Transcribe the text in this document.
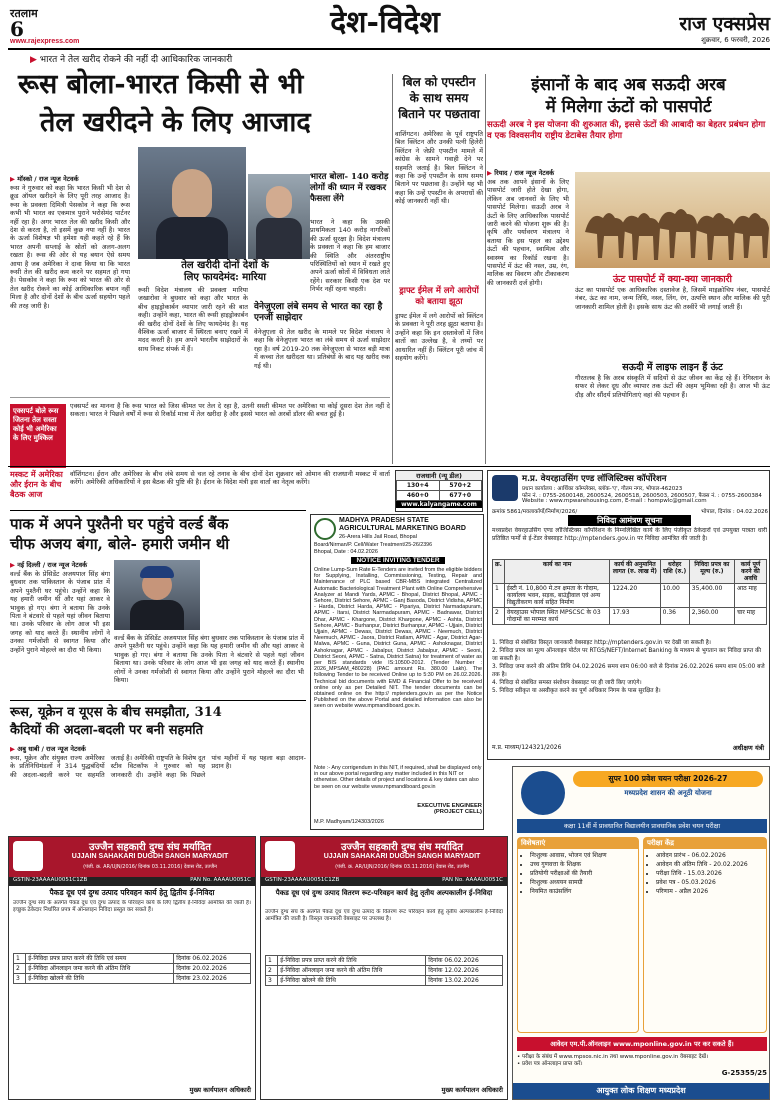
रतलाम
6
www.rajexpress.com
देश-विदेश	राज एक्सप्रेस
शुक्रवार, 6 फरवरी, 2026
▶ भारत ने तेल खरीद रोकने की नहीं दी आधिकारिक जानकारी
रूस बोला-भारत किसी से भी
तेल खरीदने के लिए आजाद
▶ मॉस्को / राज न्यूज नेटवर्क
रूस ने गुरुवार को कहा कि भारत किसी भी देश से क्रूड ऑयल खरीदने के लिए पूरी तरह आजाद है। रूस के प्रवक्ता दिमित्री पेसकोव ने कहा कि रूस कभी भी भारत का एकमात्र पुराने भरोसेमंद पार्टनर नहीं रहा है। अगर भारत तेल की खरीद किसी और देश से करता है, तो इसमें कुछ नया नहीं है। भारत के ऊर्जा विशेषज्ञ भी हमेशा यही कहते रहे हैं कि भारत अपनी सप्लाई के स्रोतों को अलग-अलग रखता है। रूस की ओर से यह बयान ऐसे समय आया है जब अमेरिका ने दावा किया था कि भारत रूसी तेल की खरीद कम करने पर सहमत हो गया है। पेसकोव ने कहा कि रूस को भारत की ओर से तेल खरीद रोकने का कोई आधिकारिक बयान नहीं मिला है और दोनों देशों के बीच ऊर्जा सहयोग पहले की तरह जारी है।
तेल खरीदी दोनों देशों के
लिए फायदेमंद: मारिया
रूसी विदेश मंत्रालय की प्रवक्ता मारिया जखारोवा ने बुधवार को कहा और भारत के बीच हाइड्रोकार्बन व्यापार जारी रहने की बात कही। उन्होंने कहा, भारत की रूसी हाइड्रोकार्बन की खरीद दोनों देशों के लिए फायदेमंद है। यह वैश्विक ऊर्जा बाजार में स्थिरता बनाए रखने में मदद करती है। हम अपने भारतीय साझेदारों के साथ निकट संपर्क में हैं।
भारत बोला- 140 करोड़ लोगों की ध्यान में रखकर फैसला लेंगे
भारत ने कहा कि उसकी प्राथमिकता 140 करोड़ नागरिकों की ऊर्जा सुरक्षा है। विदेश मंत्रालय के प्रवक्ता ने कहा कि हम बाजार की स्थिति और अंतरराष्ट्रीय परिस्थितियों को ध्यान में रखते हुए अपने ऊर्जा स्रोतों में विविधता लाते रहेंगे। सरकार किसी एक देश पर निर्भर नहीं रहना चाहती।
वेनेजुएला लंबे समय से भारत का रहा है एनर्जी साझेदार
वेनेजुएला से तेल खरीद के मामले पर विदेश मंत्रालय ने कहा कि वेनेजुएला भारत का लंबे समय से ऊर्जा साझेदार रहा है। वर्ष 2019-20 तक वेनेजुएला से भारत बड़ी मात्रा में कच्चा तेल खरीदता था। प्रतिबंधों के बाद यह खरीद रुक गई थी।
एक्सपर्ट बोले रूस जितना तेल सस्ता कोई भी अमेरिका के लिए मुश्किल
एक्सपर्ट का मानना है कि रूस भारत को जिस कीमत पर तेल दे रहा है, उतनी सस्ती कीमत पर अमेरिका या कोई दूसरा देश तेल नहीं दे सकता। भारत ने पिछले वर्षों में रूस से रिकॉर्ड मात्रा में तेल खरीदा है और इससे भारत को अरबों डॉलर की बचत हुई है।
बिल को एपस्टीन
के साथ समय
बिताने पर पछतावा
वाशिंगटन। अमेरिका के पूर्व राष्ट्रपति बिल क्लिंटन और उनकी पत्नी हिलेरी क्लिंटन ने जेफ्री एपस्टीन मामले में कांग्रेस के सामने गवाही देने पर सहमति जताई है। बिल क्लिंटन ने कहा कि उन्हें एपस्टीन के साथ समय बिताने पर पछतावा है। उन्होंने यह भी कहा कि उन्हें एपस्टीन के अपराधों की कोई जानकारी नहीं थी।
ड्राफ्ट ईमेल में लगे आरोपों को बताया झूठा
ड्राफ्ट ईमेल में लगे आरोपों को क्लिंटन के प्रवक्ता ने पूरी तरह झूठा बताया है। उन्होंने कहा कि इन दस्तावेजों में जिन बातों का उल्लेख है, वे तथ्यों पर आधारित नहीं हैं। क्लिंटन पूरी जांच में सहयोग करेंगे।
इंसानों के बाद अब सऊदी अरब
में मिलेगा ऊंटों को पासपोर्ट
सऊदी अरब ने इस योजना की शुरुआत की, इससे ऊंटों की आबादी का बेहतर प्रबंधन होगा व एक विश्वसनीय राष्ट्रीय डेटाबेस तैयार होगा
▶ रियाद / राज न्यूज नेटवर्क
अब तक आपने इंसानों के लिए पासपोर्ट जारी होते देखा होगा, लेकिन अब जानवरों के लिए भी पासपोर्ट मिलेगा। सऊदी अरब ने ऊंटों के लिए आधिकारिक पासपोर्ट जारी करने की योजना शुरू की है। कृषि और पर्यावरण मंत्रालय ने बताया कि इस पहल का उद्देश्य ऊंटों की पहचान, स्वामित्व और स्वास्थ्य का रिकॉर्ड रखना है। पासपोर्ट में ऊंट की नस्ल, उम्र, रंग, मालिक का विवरण और टीकाकरण की जानकारी दर्ज होगी।	ऊंट पासपोर्ट में क्या-क्या जानकारी
ऊंट का पासपोर्ट एक आधिकारिक दस्तावेज है, जिसमें माइक्रोचिप नंबर, पासपोर्ट नंबर, ऊंट का नाम, जन्म तिथि, नस्ल, लिंग, रंग, उत्पत्ति स्थान और मालिक की पूरी जानकारी शामिल होती है। इसके साथ ऊंट की तस्वीरें भी लगाई जाती हैं।
सऊदी में लाइफ लाइन हैं ऊंट
गौरतलब है कि अरब संस्कृति में सदियों से ऊंट जीवन का केंद्र रहे हैं। रेगिस्तान के सफर से लेकर दूध और व्यापार तक ऊंटों की अहम भूमिका रही है। आज भी ऊंट दौड़ और सौंदर्य प्रतियोगिताएं वहां की पहचान हैं।
मस्कट में अमेरिका और ईरान के बीच बैठक आज
वॉशिंगटन। ईरान और अमेरिका के बीच लंबे समय से चल रहे तनाव के बीच दोनों देश शुक्रवार को ओमान की राजधानी मस्कट में वार्ता करेंगे। अमेरिकी अधिकारियों ने इस बैठक की पुष्टि की है। ईरान के विदेश मंत्री इस वार्ता का नेतृत्व करेंगे।
राजधानी (न्यू डील)
130+4	570+2
460+0	677+0
www.kalyangame.com
म.प्र. वेयरहाउसिंग एण्ड लॉजिस्टिक्स कॉर्पोरेशन
प्रधान कार्यालय : आर्थिका कॉम्प्लेक्स, ब्लॉक-'ए', गौतम नगर, भोपाल-462023
फोन नं. : 0755-2600148, 2600524, 2600518, 2600503, 2600507, फैक्स नं. : 0755-2600384
Website : www.mpwarehousing.com, E-mail : hompwlc@gmail.com
क्रमांक 5861/मवलाकॉर्पो/निर्माण/2026/	भोपाल, दिनांक : 04.02.2026
निविदा आमंत्रण सूचना
मध्यप्रदेश वेयरहाउसिंग एण्ड लॉजिस्टिक्स कॉर्पोरेशन के निम्नलिखित कार्य के लिए पंजीकृत ठेकेदारों एवं उपयुक्त पात्रता धारी प्रतिष्ठित फर्मों से ई-टेंडर वेबसाइट http://mptenders.gov.in पर निविदा आमंत्रित की जाती है।
क्र.	कार्य का नाम	कार्य की अनुमानित लागत (रु. लाख में)	धरोहर राशि (रु.)	निविदा प्रपत्र का मूल्य (रु.)	कार्य पूर्ण करने की अवधि
1	ईस्टी नं. 10,800 मे.टन क्षमता के गोदाम, कार्यालय भवन, सड़क, बाउंड्रीवाल एवं अन्य विद्युतीकरण कार्य सहित निर्माण	1224.20	10.00	35,400.00	आठ माह
2	वेयरहाउस भोपाल स्थित MPSCSC के 03 गोदामों का मरम्मत कार्य	17.93	0.36	2,360.00	चार माह
1. निविदा से संबंधित विस्तृत जानकारी वेबसाइट http://mptenders.gov.in पर देखी जा सकती है।
2. निविदा प्रपत्र का मूल्य ऑनलाइन पोर्टल पर RTGS/NEFT/Internet Banking के माध्यम से भुगतान कर निविदा प्राप्त की जा सकती है।
3. निविदा जमा करने की अंतिम तिथि 04.02.2026 समय शाम 06:00 बजे से दिनांक 26.02.2026 समय शाम 05:00 बजे तक है।
4. निविदा से संबंधित समस्त संशोधन वेबसाइट पर ही जारी किए जाएंगे।
5. निविदा स्वीकृत या अस्वीकृत करने का पूर्ण अधिकार निगम के पास सुरक्षित है।
म.प्र. माध्यम/124321/2026	अधीक्षण यंत्री
पाक में अपने पुश्तैनी घर पहुंचे वर्ल्ड बैंक
चीफ अजय बंगा, बोले- हमारी जमीन थी
▶ नई दिल्ली / राज न्यूज नेटवर्क
वर्ल्ड बैंक के प्रेसिडेंट अजयपाल सिंह बंगा बुधवार तक पाकिस्तान के पंजाब प्रांत में अपने पुश्तैनी घर पहुंचे। उन्होंने कहा कि यह हमारी जमीन थी और यहां आकर वे भावुक हो गए। बंगा ने बताया कि उनके पिता ने बंटवारे से पहले यहां जीवन बिताया था। उनके परिवार के लोग आज भी इस जगह को याद करते हैं। स्थानीय लोगों ने उनका गर्मजोशी से स्वागत किया और उन्होंने पुराने मोहल्ले का दौरा भी किया।
वर्ल्ड बैंक के प्रेसिडेंट अजयपाल सिंह बंगा बुधवार तक पाकिस्तान के पंजाब प्रांत में अपने पुश्तैनी घर पहुंचे। उन्होंने कहा कि यह हमारी जमीन थी और यहां आकर वे भावुक हो गए। बंगा ने बताया कि उनके पिता ने बंटवारे से पहले यहां जीवन बिताया था। उनके परिवार के लोग आज भी इस जगह को याद करते हैं। स्थानीय लोगों ने उनका गर्मजोशी से स्वागत किया और उन्होंने पुराने मोहल्ले का दौरा भी किया।
रूस, यूक्रेन व यूएस के बीच समझौता, 314
कैदियों की अदला-बदली पर बनी सहमति
▶ अबु धाबी / राज न्यूज नेटवर्क
रूस, यूक्रेन और संयुक्त राज्य अमेरिका के प्रतिनिधिमंडलों ने 314 युद्धबंदियों की अदला-बदली करने पर सहमति जताई है। अमेरिकी राष्ट्रपति के विशेष दूत स्टीव विटकॉफ ने गुरुवार को यह जानकारी दी। उन्होंने कहा कि पिछले पांच महीनों में यह पहला बड़ा आदान-प्रदान है।
MADHYA PRADESH STATE
AGRICULTURAL MARKETING BOARD
26-Arera Hills Jail Road, Bhopal
Board/Nirman/P. Cell/Water Treatment/25-26/2396
Bhopal, Date : 04.02.2026
NOTICE INVITING TENDER
Online Lump-Sum Rate E-Tenders are invited from the eligible bidders for Supplying, Installing, Commissioning, Testing, Repair and Maintenance of PLC based CBR-MBS integrated Centralized Automatic Bacteriological Treatment Plant with Online Comprehensive Analyzer at Mandi Yards, APMC - Bhopal, District Bhopal, APMC - Sehore, District Sehore, APMC - Ganj Basoda, District Vidisha, APMC - Harda, District Harda, APMC - Pipariya, District Narmadapuram, APMC - Itarsi, District Narmadapuram, APMC - Badnawar, District Dhar, APMC - Khargone, District Khargone, APMC - Ashta, District Sehore, APMC - Burhanpur, District Burhanpur, APMC - Ujjain, District Ujjain, APMC - Dewas, District Dewas, APMC - Neemuch, District Neemuch, APMC - Jaora, District Ratlam, APMC - Agar, District Agar-Malwa, APMC - Guna, District Guna, APMC - Ashoknagar, District Ashoknagar, APMC - Jabalpur, District Jabalpur, APMC - Seoni, District Seoni, APMC - Satna, District Satna) for treatment of water as per BIS standards vide IS:10500-2012. (Tender Number : 2026_MPSAM_480228) (PAC amount Rs. 380.00 Lakh). The following Tender to be received Online up to 5:30 PM on 26.02.2026. Technical bid documents with EMD & Financial Offer to be received online only as per Detailed NIT. The tender documents can be obtained online on the http:// mptenders.gov.in as per the Notice Published on the above Portal and detailed information can also be seen on website www.mpmandiboard.gov.in.
Note :- Any corrigendum in this NIT, if required, shall be displayed only in our above portal regarding any matter included in this NIT or otherwise. Other details of project and locations & key dates can also be seen on our website www.mpmandiboard.gov.in
EXECUTIVE ENGINEER (PROJECT CELL)
M.P. Madhyam/124303/2026
उज्जैन सहकारी दुग्ध संघ मर्यादित
UJJAIN SAHAKARI DUGDH SANGH MARYADIT
(पंजी. क्र. AR/UJN/2016/ दिनांक 03.11.2016) देवास रोड, उज्जैन
GSTIN-23AAAAU0051C1ZB	PAN No. AAAAU0051C
पैकड दूध एवं दुग्ध उत्पाद परिवहन कार्य हेतु द्वितीय ई-निविदा
उज्जैन दुग्ध संघ के अंतर्गत पैकड दूध एवं दुग्ध उत्पाद के परिवहन कार्य के लिए द्वितीय ई-निविदा आमंत्रित की जाती है। इच्छुक ठेकेदार निर्धारित प्रपत्र में ऑनलाइन निविदा प्रस्तुत कर सकते हैं।
1	ई-निविदा प्रपत्र प्राप्त करने की तिथि एवं समय	दिनांक 06.02.2026
2	ई-निविदा ऑनलाइन जमा करने की अंतिम तिथि	दिनांक 20.02.2026
3	ई-निविदा खोलने की तिथि	दिनांक 23.02.2026
मुख्य कार्यपालन अधिकारी
उज्जैन सहकारी दुग्ध संघ मर्यादित
UJJAIN SAHAKARI DUGDH SANGH MARYADIT
(पंजी. क्र. AR/UJN/2016/ दिनांक 03.11.2016) देवास रोड, उज्जैन
GSTIN-23AAAAU0051C1ZB	PAN No. AAAAU0051C
पैकड दूध एवं दुग्ध उत्पाद वितरण रूट-परिवहन कार्य हेतु तृतीय अल्पकालीन ई-निविदा
उज्जैन दुग्ध संघ के अंतर्गत पैकड दूध एवं दुग्ध उत्पाद के वितरण रूट परिवहन कार्य हेतु तृतीय अल्पकालीन ई-निविदा आमंत्रित की जाती है। विस्तृत जानकारी वेबसाइट पर उपलब्ध है।
1	ई-निविदा प्रपत्र प्राप्त करने की तिथि	दिनांक 06.02.2026
2	ई-निविदा ऑनलाइन जमा करने की अंतिम तिथि	दिनांक 12.02.2026
3	ई-निविदा खोलने की तिथि	दिनांक 13.02.2026
मुख्य कार्यपालन अधिकारी
सुपर 100 प्रवेश चयन परीक्षा 2026-27
मध्यप्रदेश शासन की अनूठी योजना
कक्षा 11वीं में प्रावधानित विद्यालयीन प्रावधानिक प्रवेश चयन परीक्षा
विशेषताएं
• निःशुल्क आवास, भोजन एवं शिक्षण
• उच्च गुणवत्ता के शिक्षक
• प्रतियोगी परीक्षाओं की तैयारी
• निःशुल्क अध्ययन सामग्री
• नियमित काउंसलिंग
परीक्षा केंद्र
• आवेदन प्रारंभ - 06.02.2026
• आवेदन की अंतिम तिथि - 20.02.2026
• परीक्षा तिथि - 15.03.2026
• प्रवेश पत्र - 05.03.2026
• परिणाम - अप्रैल 2026
आवेदन एम.पी.ऑनलाइन www.mponline.gov.in पर कर सकते हैं।
• परीक्षा के संबंध में www.mpsos.nic.in तथा www.mponline.gov.in वेबसाइट देखें।
• प्रवेश पत्र ऑनलाइन प्राप्त करें।
G-25355/25
आयुक्त लोक शिक्षण मध्यप्रदेश
